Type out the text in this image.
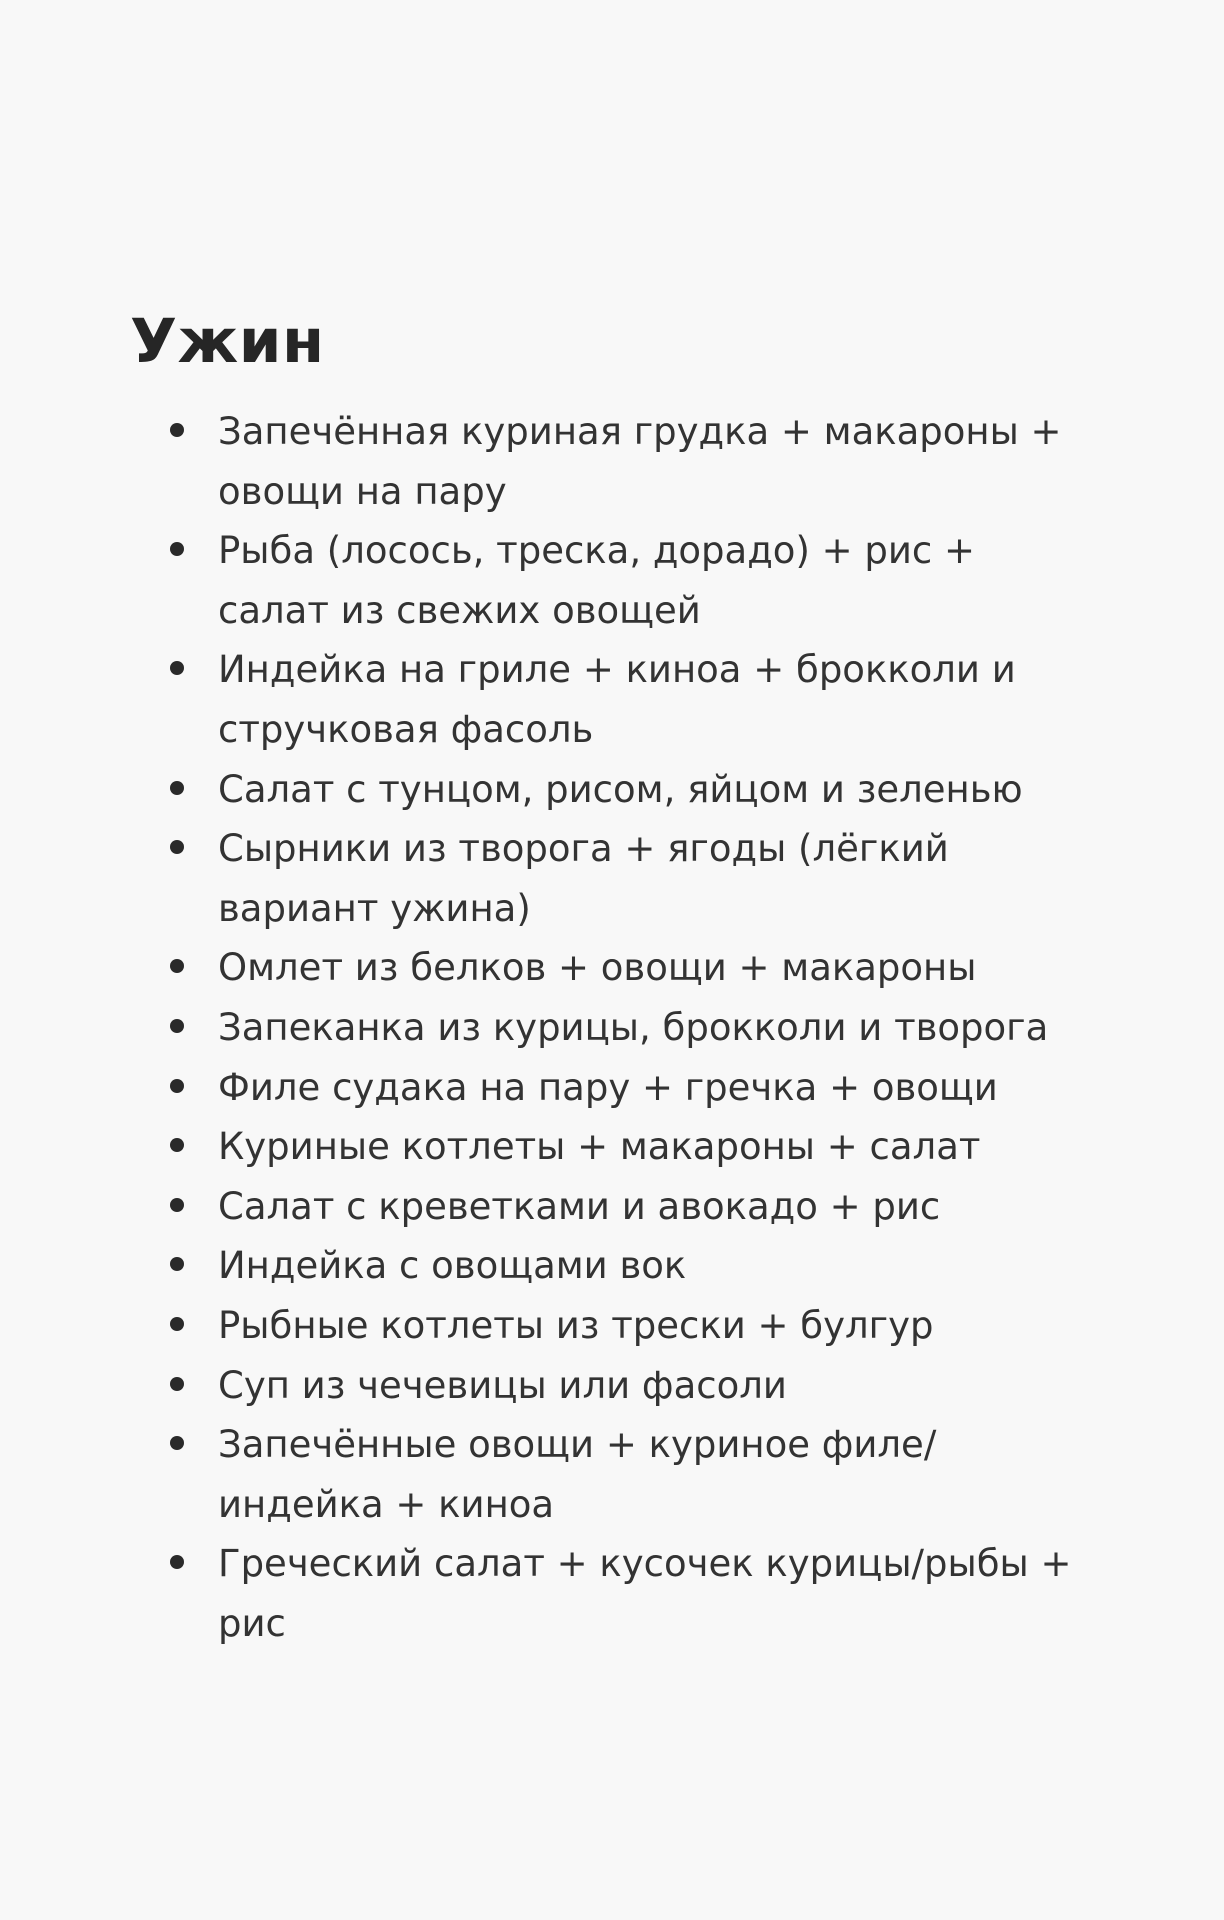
Ужин
Запечённая куриная грудка + макароны +
овощи на пару
Рыба (лосось, треска, дорадо) + рис +
салат из свежих овощей
Индейка на гриле + киноа + брокколи и
стручковая фасоль
Салат с тунцом, рисом, яйцом и зеленью
Сырники из творога + ягоды (лёгкий
вариант ужина)
Омлет из белков + овощи + макароны
Запеканка из курицы, брокколи и творога
Филе судака на пару + гречка + овощи
Куриные котлеты + макароны + салат
Салат с креветками и авокадо + рис
Индейка с овощами вок
Рыбные котлеты из трески + булгур
Суп из чечевицы или фасоли
Запечённые овощи + куриное филе/
индейка + киноа
Греческий салат + кусочек курицы/рыбы +
рис
